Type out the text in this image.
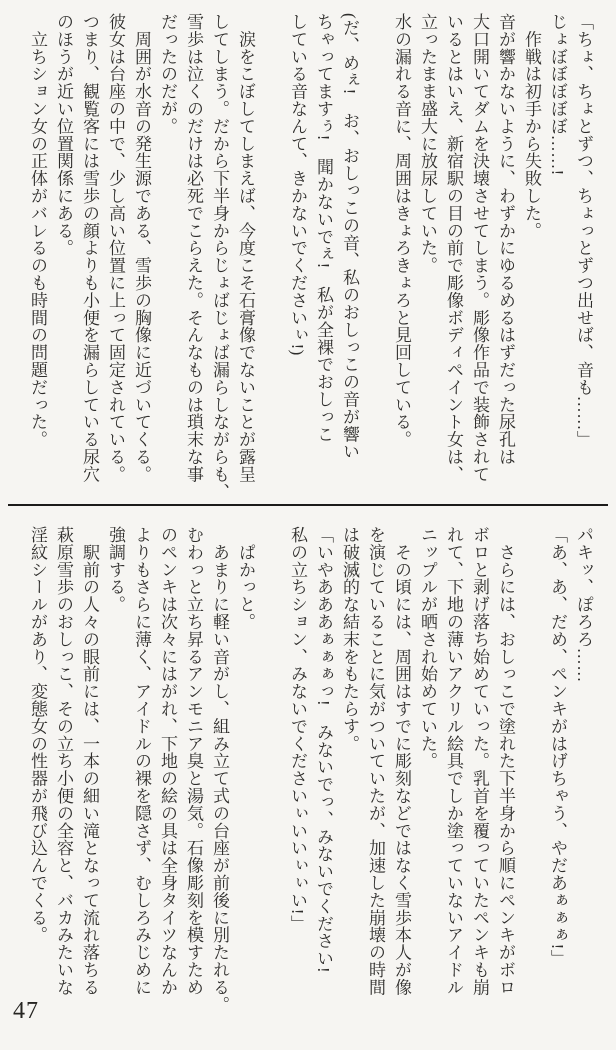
「ちょ、ちょとずつ、ちょっとずつ出せば、音も……」
じょぼぼぼぼぼ……!
　作戦は初手から失敗した。
音が響かないように、わずかにゆるめるはずだった尿孔は
大口開いてダムを決壊させてしまう。彫像作品で装飾されて
いるとはいえ、新宿駅の目の前で彫像ボディペイント女は、
立ったまま盛大に放尿していた。
水の漏れる音に、周囲はきょろきょろと見回している。
(だ、めぇ!　お、おしっこの音、私のおしっこの音が響い
ちゃってますぅ!　聞かないでぇ!　私が全裸でおしっこ
している音なんて、きかないでくださいぃ!)
　涙をこぼしてしまえば、今度こそ石膏像でないことが露呈
してしまう。だから下半身からじょばじょば漏らしながらも、
雪歩は泣くのだけは必死でこらえた。そんなものは瑣末な事
だったのだが。
　周囲が水音の発生源である、雪歩の胸像に近づいてくる。
彼女は台座の中で、少し高い位置に上って固定されている。
つまり、観覧客には雪歩の顔よりも小便を漏らしている尿穴
のほうが近い位置関係にある。
　立ちション女の正体がバレるのも時間の問題だった。
パキッ、ぽろろ……
「あ、あ、だめ、ペンキがはげちゃう、やだあぁぁぁ!」
　さらには、おしっこで塗れた下半身から順にペンキがボロ
ボロと剥げ落ち始めていった。乳首を覆っていたペンキも崩
れて、下地の薄いアクリル絵具でしか塗っていないアイドル
ニップルが晒され始めていた。
　その頃には、周囲はすでに彫刻などではなく雪歩本人が像
を演じていることに気がついていたが、加速した崩壊の時間
は破滅的な結末をもたらす。
「いやあああぁぁぁっ!　みないでっ、みないでください!
私の立ちション、みないでくださいぃいいぃぃい!」
　ぱかっと。
　あまりに軽い音がし、組み立て式の台座が前後に別たれる。
むわっと立ち昇るアンモニア臭と湯気。石像彫刻を模すため
のペンキは次々にはがれ、下地の絵の具は全身タイツなんか
よりもさらに薄く、アイドルの裸を隠さず、むしろみじめに
強調する。
　駅前の人々の眼前には、一本の細い滝となって流れ落ちる
萩原雪歩のおしっこ、その立ち小便の全容と、バカみたいな
淫紋シールがあり、変態女の性器が飛び込んでくる。
47
